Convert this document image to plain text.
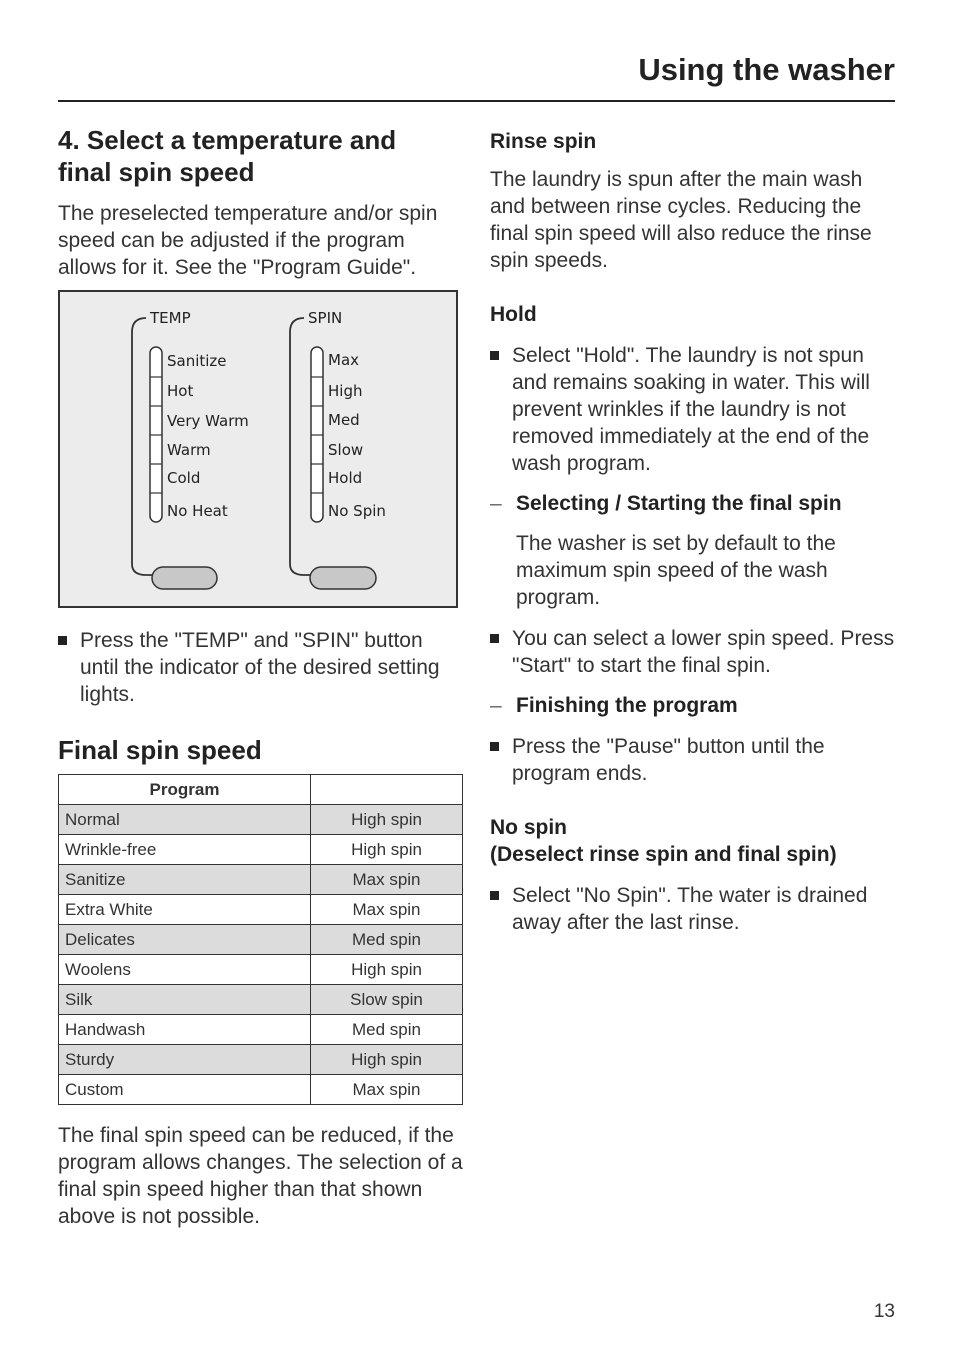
Using the washer
4. Select a temperature and
final spin speed

The preselected temperature and/or spin speed can be adjusted if the program allows for it. See the "Program Guide".

TEMP
Sanitize
Hot
Very Warm
Warm
Cold
No Heat
SPIN
Max
High
Med
Slow
Hold
No Spin
Press the "TEMP" and "SPIN" button until the indicator of the desired setting lights.
Final spin speed
Program	
Normal	High spin
Wrinkle-free	High spin
Sanitize	Max spin
Extra White	Max spin
Delicates	Med spin
Woolens	High spin
Silk	Slow spin
Handwash	Med spin
Sturdy	High spin
Custom	Max spin

The final spin speed can be reduced, if the program allows changes. The selection of a final spin speed higher than that shown above is not possible.

Rinse spin

The laundry is spun after the main wash and between rinse cycles. Reducing the final spin speed will also reduce the rinse spin speeds.

Hold
Select "Hold". The laundry is not spun and remains soaking in water. This will prevent wrinkles if the laundry is not removed immediately at the end of the wash program.
– Selecting / Starting the final spin

The washer is set by default to the maximum spin speed of the wash program.

You can select a lower spin speed. Press "Start" to start the final spin.
– Finishing the program
Press the "Pause" button until the program ends.
No spin
(Deselect rinse spin and final spin)
Select "No Spin". The water is drained away after the last rinse.
13
